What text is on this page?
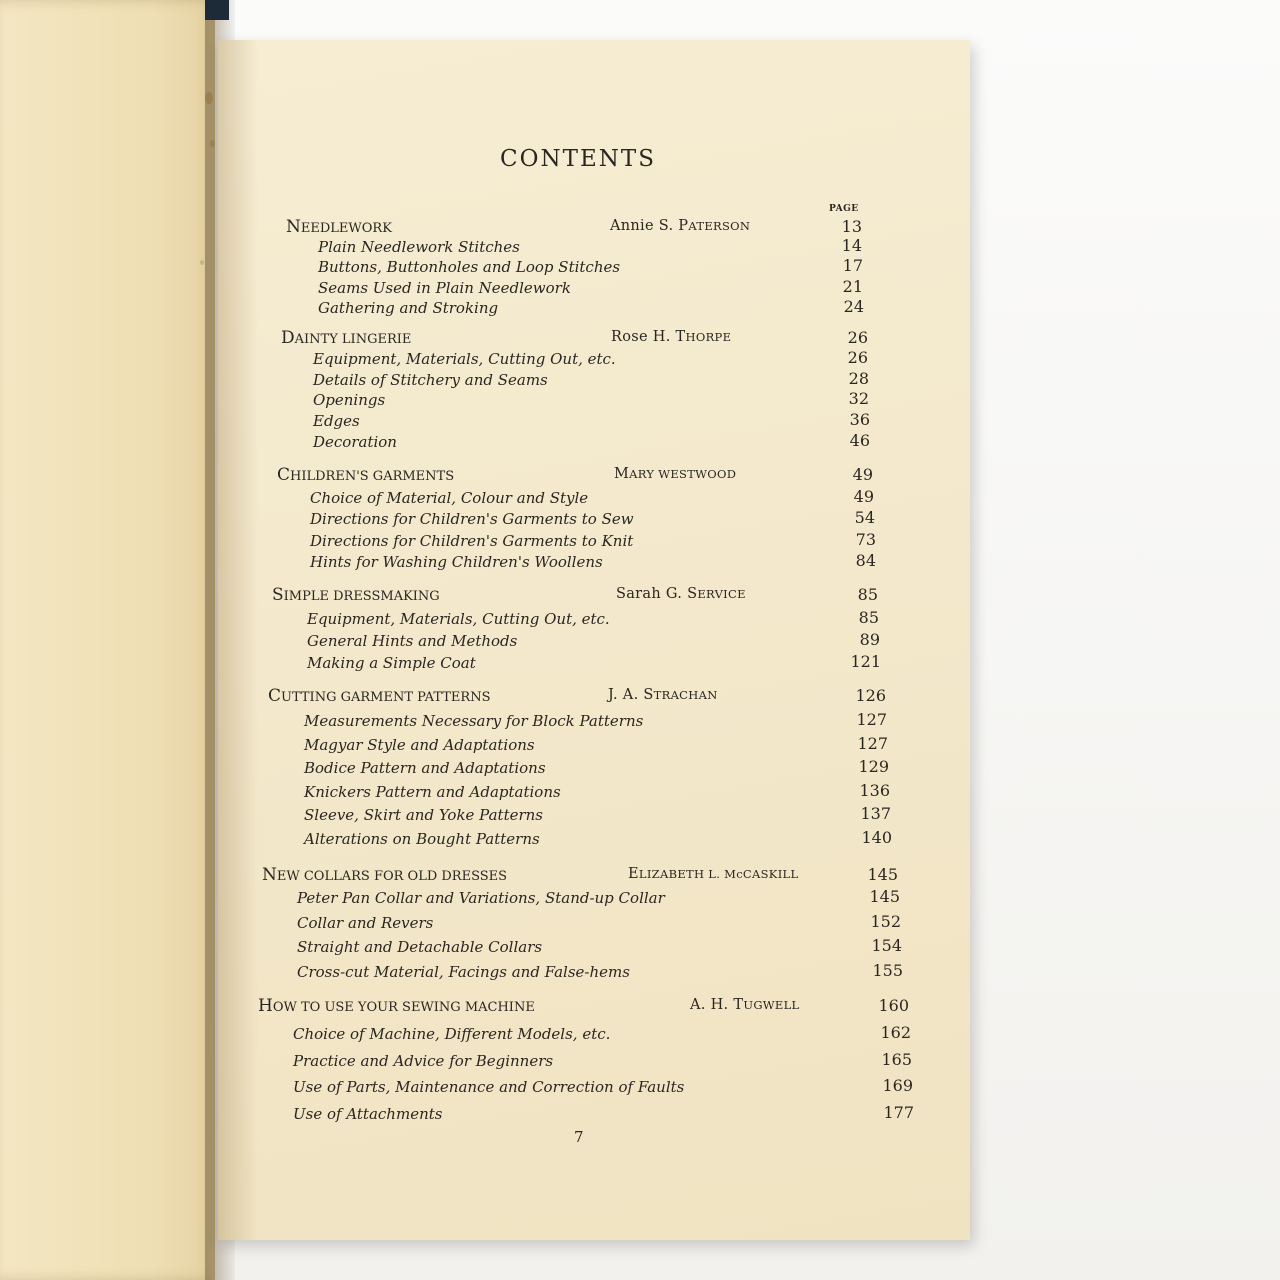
CONTENTS
PAGE
NEEDLEWORK	Annie S. PATERSON	13
Plain Needlework Stitches	14
Buttons, Buttonholes and Loop Stitches	17
Seams Used in Plain Needlework	21
Gathering and Stroking	24
DAINTY LINGERIE	Rose H. THORPE	26
Equipment, Materials, Cutting Out, etc.	26
Details of Stitchery and Seams	28
Openings	32
Edges	36
Decoration	46
CHILDREN'S GARMENTS	MARY WESTWOOD	49
Choice of Material, Colour and Style	49
Directions for Children's Garments to Sew	54
Directions for Children's Garments to Knit	73
Hints for Washing Children's Woollens	84
SIMPLE DRESSMAKING	Sarah G. SERVICE	85
Equipment, Materials, Cutting Out, etc.	85
General Hints and Methods	89
Making a Simple Coat	121
CUTTING GARMENT PATTERNS	J. A. STRACHAN	126
Measurements Necessary for Block Patterns	127
Magyar Style and Adaptations	127
Bodice Pattern and Adaptations	129
Knickers Pattern and Adaptations	136
Sleeve, Skirt and Yoke Patterns	137
Alterations on Bought Patterns	140
NEW COLLARS FOR OLD DRESSES	ELIZABETH L. McCASKILL	145
Peter Pan Collar and Variations, Stand-up Collar	145
Collar and Revers	152
Straight and Detachable Collars	154
Cross-cut Material, Facings and False-hems	155
HOW TO USE YOUR SEWING MACHINE	A. H. TUGWELL	160
Choice of Machine, Different Models, etc.	162
Practice and Advice for Beginners	165
Use of Parts, Maintenance and Correction of Faults	169
Use of Attachments	177
7
